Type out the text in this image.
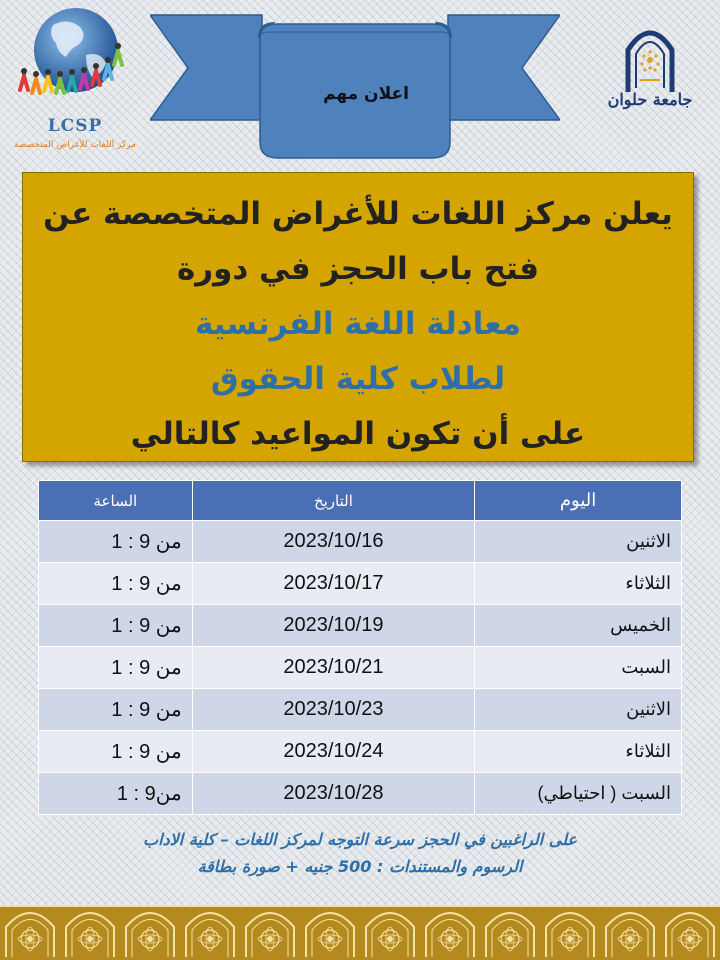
LCSP
مركز اللغات للأغراض المتخصصة
اعلان مهم	جامعة حلوان
يعلن مركز اللغات للأغراض المتخصصة عن
فتح باب الحجز في دورة
معادلة اللغة الفرنسية
لطلاب كلية الحقوق
على أن تكون المواعيد كالتالي
اليوم	التاريخ	الساعة
الاثنين	2023/10/16	من 9 : 1
الثلاثاء	2023/10/17	من 9 : 1
الخميس	2023/10/19	من 9 : 1
السبت	2023/10/21	من 9 : 1
الاثنين	2023/10/23	من 9 : 1
الثلاثاء	2023/10/24	من 9 : 1
السبت ( احتياطي)	2023/10/28	من9 : 1
على الراغبين في الحجز سرعة التوجه لمركز اللغات – كلية الاداب
الرسوم والمستندات : 500 جنيه + صورة بطاقة
